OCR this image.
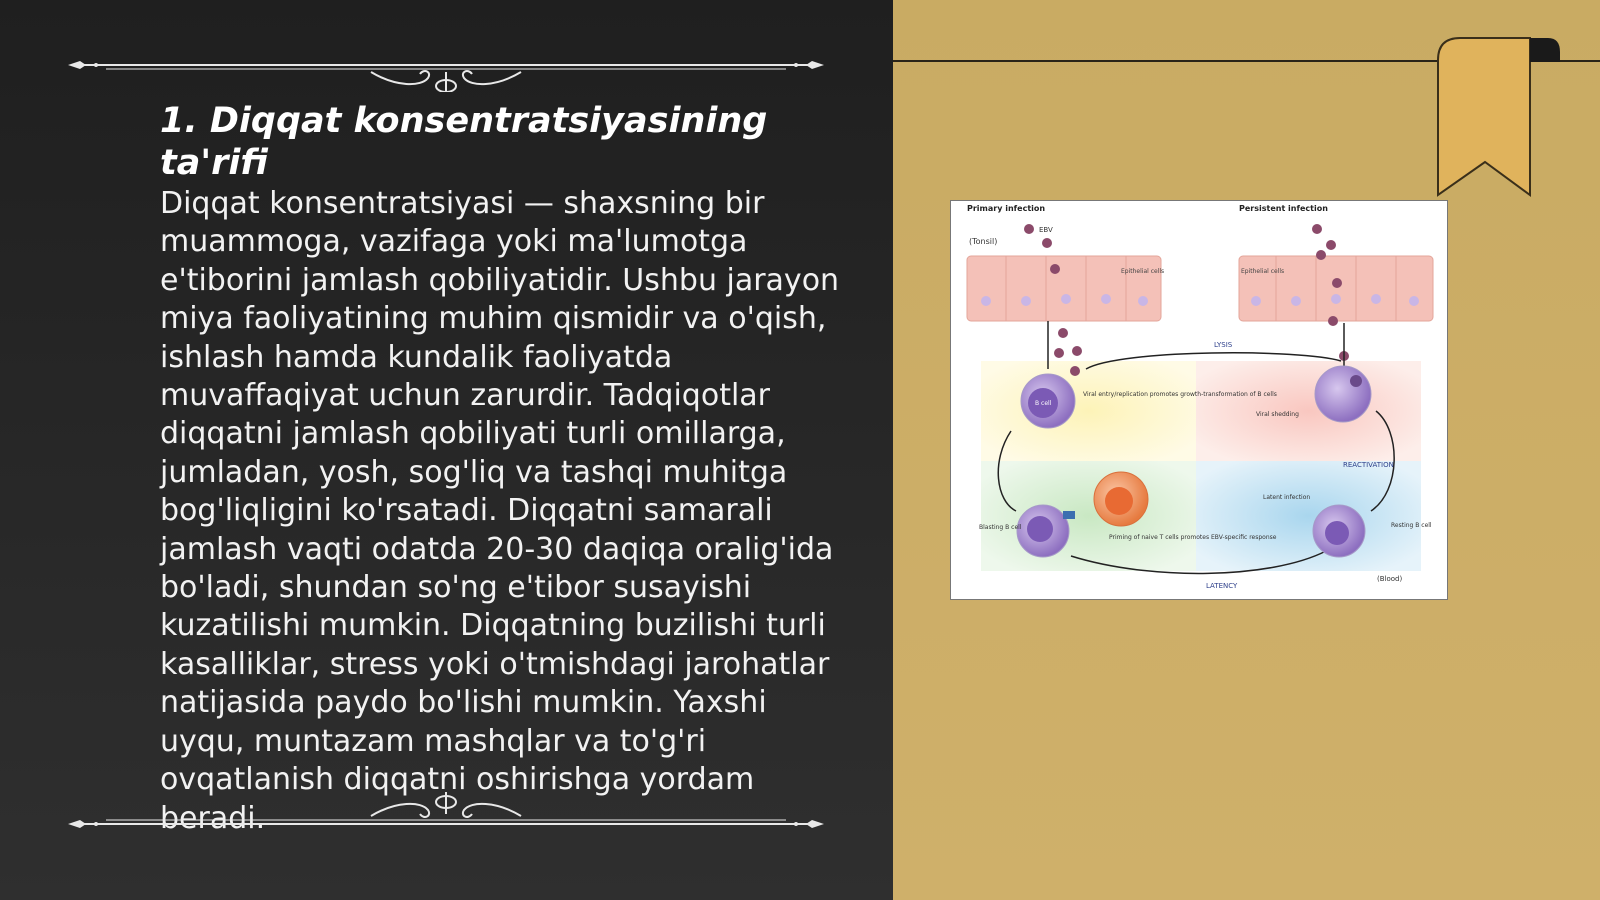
1. Diqqat konsentratsiyasining ta'rifi

Diqqat konsentratsiyasi — shaxsning bir muammoga, vazifaga yoki ma'lumotga e'tiborini jamlash qobiliyatidir. Ushbu jarayon miya faoliyatining muhim qismidir va o'qish, ishlash hamda kundalik faoliyatda muvaffaqiyat uchun zarurdir. Tadqiqotlar diqqatni jamlash qobiliyati turli omillarga, jumladan, yosh, sog'liq va tashqi muhitga bog'liqligini ko'rsatadi. Diqqatni samarali jamlash vaqti odatda 20-30 daqiqa oralig'ida bo'ladi, shundan so'ng e'tibor susayishi kuzatilishi mumkin. Diqqatning buzilishi turli kasalliklar, stress yoki o'tmishdagi jarohatlar natijasida paydo bo'lishi mumkin. Yaxshi uyqu, muntazam mashqlar va to'g'ri ovqatlanish diqqatni oshirishga yordam beradi.

Primary infection	Persistent infection
EBV
(Tonsil)
Epithelial cells	Epithelial cells
LYSIS
LATENCY
REACTIVATION
B cell
Viral entry/replication promotes growth-transformation of B cells
Viral shedding
Blasting B cell
Priming of naive T cells promotes EBV-specific response
Latent infection
Resting B cell
(Blood)
